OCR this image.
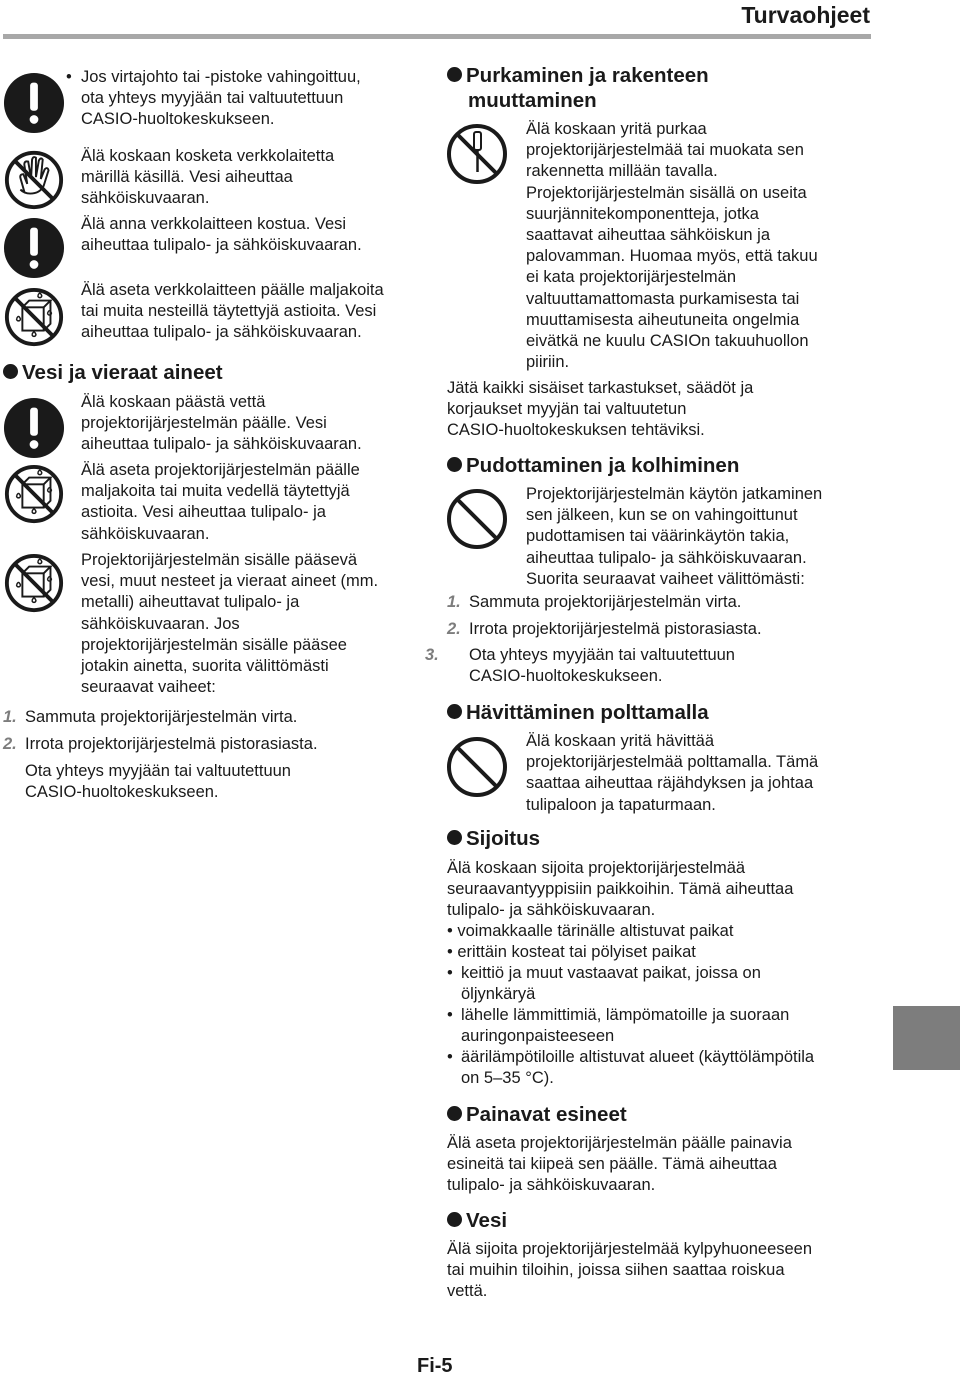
Turvaohjeet
• Jos virtajohto tai -pistoke vahingoittuu,
ota yhteys myyjään tai valtuutettuun
CASIO-huoltokeskukseen.
Älä koskaan kosketa verkkolaitetta
märillä käsillä. Vesi aiheuttaa
sähköiskuvaaran.
Älä anna verkkolaitteen kostua. Vesi
aiheuttaa tulipalo- ja sähköiskuvaaran.
Älä aseta verkkolaitteen päälle maljakoita
tai muita nesteillä täytettyjä astioita. Vesi
aiheuttaa tulipalo- ja sähköiskuvaaran.
Vesi ja vieraat aineet
Älä koskaan päästä vettä
projektorijärjestelmän päälle. Vesi
aiheuttaa tulipalo- ja sähköiskuvaaran.
Älä aseta projektorijärjestelmän päälle
maljakoita tai muita vedellä täytettyjä
astioita. Vesi aiheuttaa tulipalo- ja
sähköiskuvaaran.
Projektorijärjestelmän sisälle pääsevä
vesi, muut nesteet ja vieraat aineet (mm.
metalli) aiheuttavat tulipalo- ja
sähköiskuvaaran. Jos
projektorijärjestelmän sisälle pääsee
jotakin ainetta, suorita välittömästi
seuraavat vaiheet:
1. Sammuta projektorijärjestelmän virta.
2. Irrota projektorijärjestelmä pistorasiasta.
Ota yhteys myyjään tai valtuutettuun
CASIO-huoltokeskukseen.
Purkaminen ja rakenteen
muuttaminen
Älä koskaan yritä purkaa
projektorijärjestelmää tai muokata sen
rakennetta millään tavalla.
Projektorijärjestelmän sisällä on useita
suurjännitekomponentteja, jotka
saattavat aiheuttaa sähköiskun ja
palovamman. Huomaa myös, että takuu
ei kata projektorijärjestelmän
valtuuttamattomasta purkamisesta tai
muuttamisesta aiheutuneita ongelmia
eivätkä ne kuulu CASIOn takuuhuollon
piiriin.
Jätä kaikki sisäiset tarkastukset, säädöt ja
korjaukset myyjän tai valtuutetun
CASIO-huoltokeskuksen tehtäviksi.
Pudottaminen ja kolhiminen
Projektorijärjestelmän käytön jatkaminen
sen jälkeen, kun se on vahingoittunut
pudottamisen tai väärinkäytön takia,
aiheuttaa tulipalo- ja sähköiskuvaaran.
Suorita seuraavat vaiheet välittömästi:
1. Sammuta projektorijärjestelmän virta.
2. Irrota projektorijärjestelmä pistorasiasta.
3. Ota yhteys myyjään tai valtuutettuun
CASIO-huoltokeskukseen.
Hävittäminen polttamalla
Älä koskaan yritä hävittää
projektorijärjestelmää polttamalla. Tämä
saattaa aiheuttaa räjähdyksen ja johtaa
tulipaloon ja tapaturmaan.
Sijoitus
Älä koskaan sijoita projektorijärjestelmää
seuraavantyyppisiin paikkoihin. Tämä aiheuttaa
tulipalo- ja sähköiskuvaaran.
• voimakkaalle tärinälle altistuvat paikat
• erittäin kosteat tai pölyiset paikat
• keittiö ja muut vastaavat paikat, joissa on
öljynkäryä
• lähelle lämmittimiä, lämpömatoille ja suoraan
auringonpaisteeseen
• äärilämpötiloille altistuvat alueet (käyttölämpötila
on 5–35 °C).
Painavat esineet
Älä aseta projektorijärjestelmän päälle painavia
esineitä tai kiipeä sen päälle. Tämä aiheuttaa
tulipalo- ja sähköiskuvaaran.
Vesi
Älä sijoita projektorijärjestelmää kylpyhuoneeseen
tai muihin tiloihin, joissa siihen saattaa roiskua
vettä.
Fi-5
